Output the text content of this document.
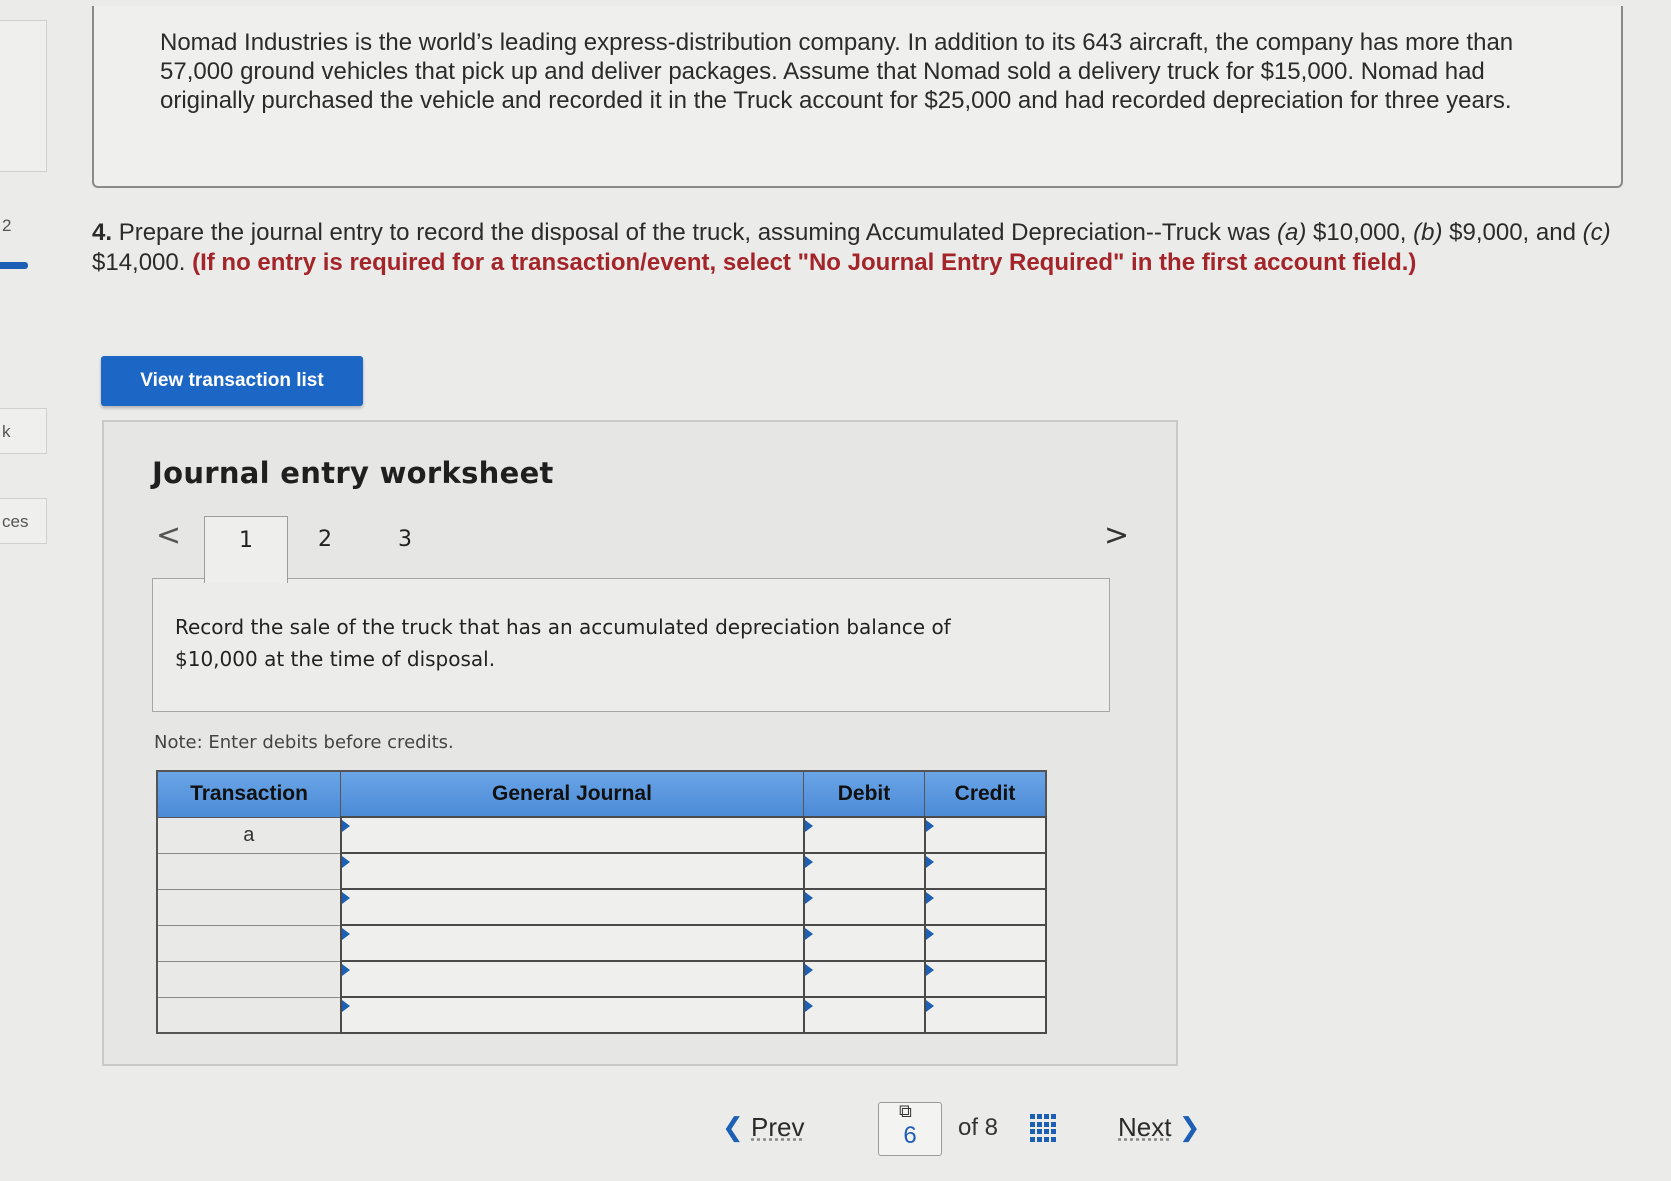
2
k
ces
Nomad Industries is the world’s leading express-distribution company. In addition to its 643 aircraft, the company has more than 57,000 ground vehicles that pick up and deliver packages. Assume that Nomad sold a delivery truck for $15,000. Nomad had originally purchased the vehicle and recorded it in the Truck account for $25,000 and had recorded depreciation for three years.
4. Prepare the journal entry to record the disposal of the truck, assuming Accumulated Depreciation--Truck was (a) $10,000, (b) $9,000, and (c) $14,000. (If no entry is required for a transaction/event, select "No Journal Entry Required" in the first account field.)
View transaction list
Journal entry worksheet
<	1	2	3	>
Record the sale of the truck that has an accumulated depreciation balance of $10,000 at the time of disposal.
Note: Enter debits before credits.
Transaction	General Journal	Debit	Credit
a	

❮ Prev
⧉
6	of 8	Next ❯
